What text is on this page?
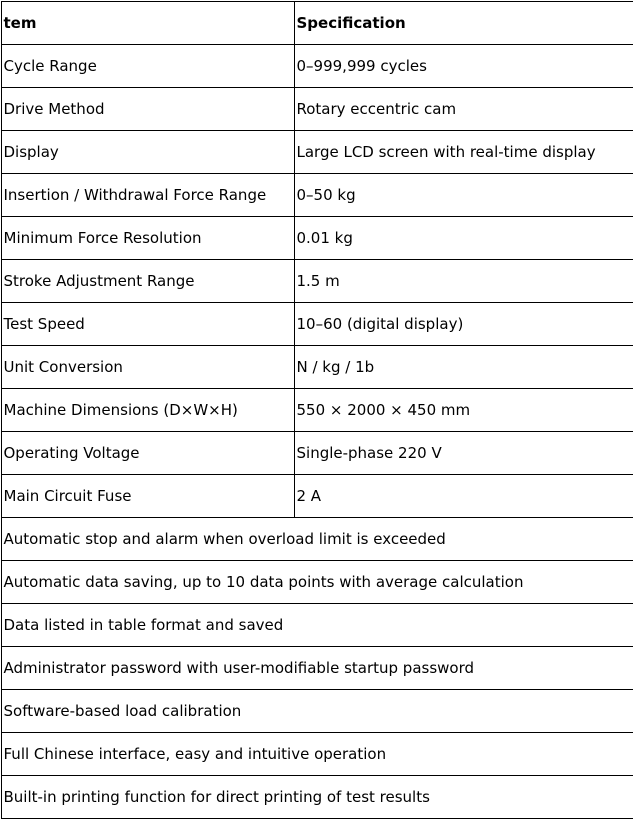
tem	Specification
Cycle Range	0–999,999 cycles
Drive Method	Rotary eccentric cam
Display	Large LCD screen with real-time display
Insertion / Withdrawal Force Range	0–50 kg
Minimum Force Resolution	0.01 kg
Stroke Adjustment Range	1.5 m
Test Speed	10–60 (digital display)
Unit Conversion	N / kg / 1b
Machine Dimensions (D×W×H)	550 × 2000 × 450 mm
Operating Voltage	Single-phase 220 V
Main Circuit Fuse	2 A
Automatic stop and alarm when overload limit is exceeded	
Automatic data saving, up to 10 data points with average calculation	
Data listed in table format and saved	
Administrator password with user-modifiable startup password	
Software-based load calibration	
Full Chinese interface, easy and intuitive operation	
Built-in printing function for direct printing of test results	
